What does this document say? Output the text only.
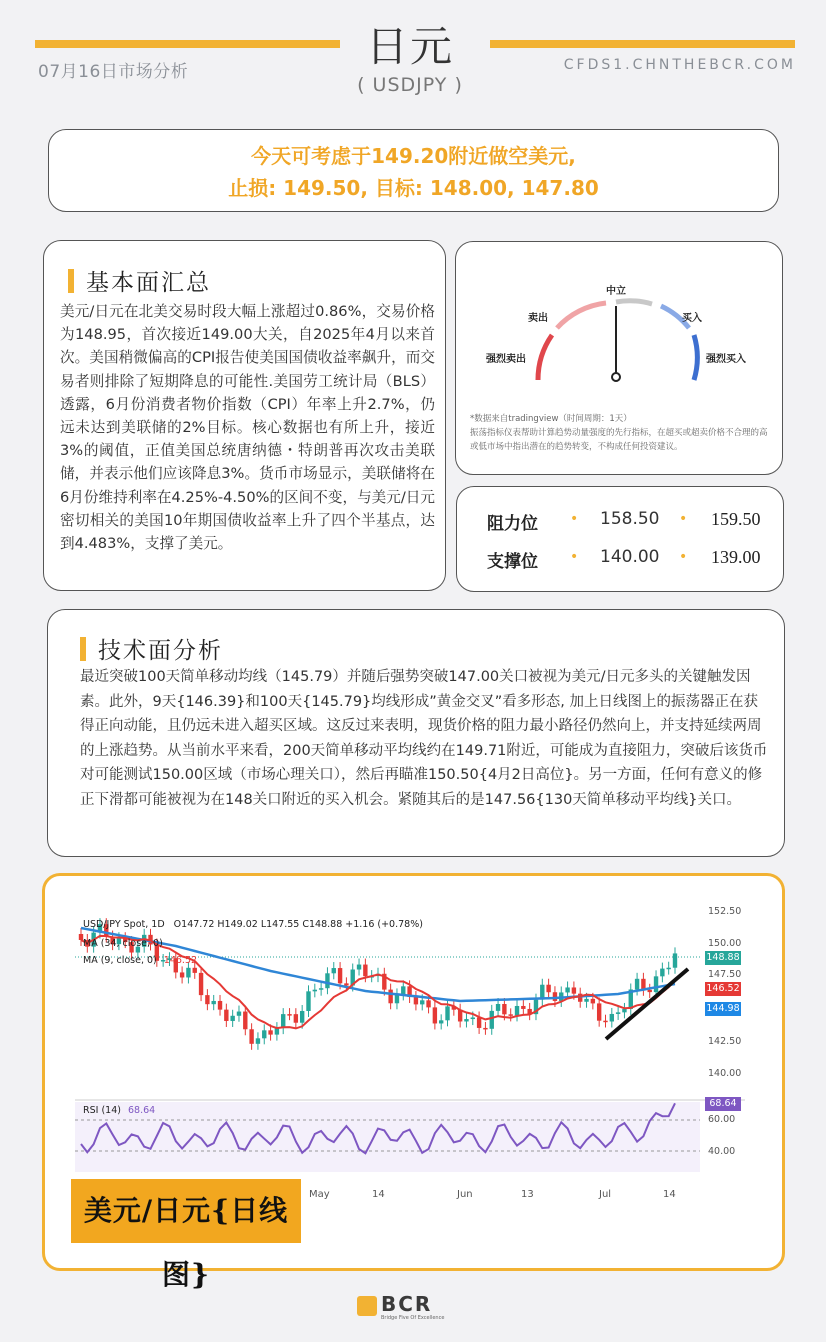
07月16日市场分析	CFDS1.CHNTHEBCR.COM
日元
( USDJPY )

今天可考虑于149.20附近做空美元,

止损: 149.50, 目标: 148.00, 147.80

基本面汇总
美元/日元在北美交易时段大幅上涨超过0.86%，交易价格为148.95，首次接近149.00大关，自2025年4月以来首次。美国稍微偏高的CPI报告使美国国债收益率飙升，而交易者则排除了短期降息的可能性.美国劳工统计局（BLS）透露，6月份消费者物价指数（CPI）年率上升2.7%，仍远未达到美联储的2%目标。核心数据也有所上升，接近3%的阈值，正值美国总统唐纳德・特朗普再次攻击美联储，并表示他们应该降息3%。货币市场显示，美联储将在6月份维持利率在4.25%-4.50%的区间不变，与美元/日元密切相关的美国10年期国债收益率上升了四个半基点，达到4.483%，支撑了美元。
强烈卖出
卖出
中立
买入
强烈买入
*数据来自tradingview（时间周期：1天）
振荡指标仪表帮助计算趋势动量强度的先行指标，在超买或超卖价格不合理的高或低市场中指出潜在的趋势转变，不构成任何投资建议。
阻力位 • 158.50 • 159.50
支撑位 • 140.00 • 139.00
技术面分析
最近突破100天简单移动均线（145.79）并随后强势突破147.00关口被视为美元/日元多头的关键触发因素。此外，9天{146.39}和100天{145.79}均线形成”黄金交叉”看多形态, 加上日线图上的振荡器正在获得正向动能，且仍远未进入超买区域。这反过来表明，现货价格的阻力最小路径仍然向上，并支持延续两周的上涨趋势。从当前水平来看，200天简单移动平均线约在149.71附近，可能成为直接阻力，突破后该货币对可能测试150.00区域（市场心理关口），然后再瞄准150.50{4月2日高位}。另一方面，任何有意义的修正下滑都可能被视为在148关口附近的买入机会。紧随其后的是147.56{130天简单移动平均线}关口。
USD/JPY Spot, 1D O147.72 H149.02 L147.55 C148.88 +1.16 (+0.78%)
MA (34, close, 0)
MA (9, close, 0) 146.52
152.50
150.00
147.50
142.50
140.00
148.88
146.52
144.98
RSI (14) 68.64
68.64
60.00
40.00
May	14	Jun	13	Jul	14
美元/日元{日线图}
BCR
Bridge Five Of Excellence
